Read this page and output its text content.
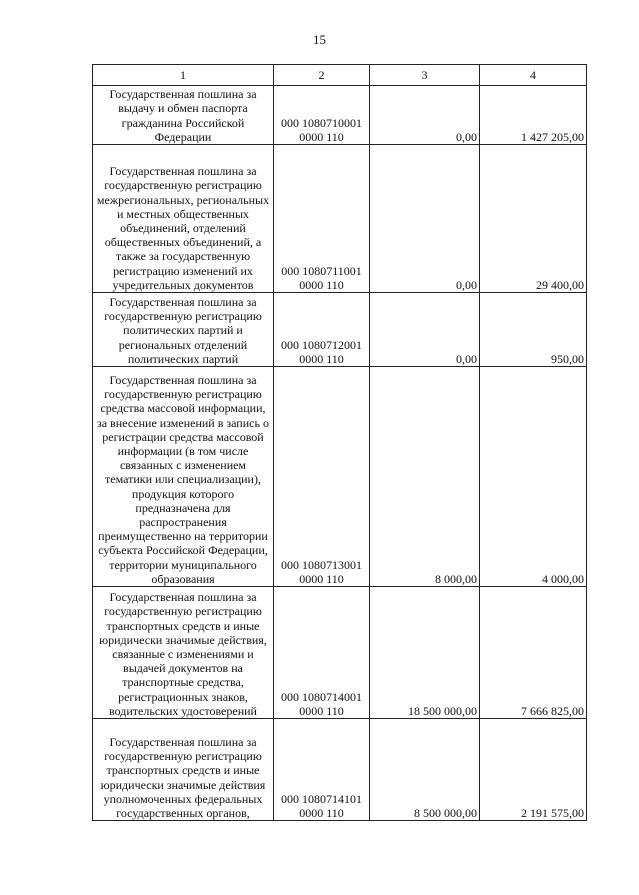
15
1	2	3	4
Государственная пошлина за выдачу и обмен паспорта гражданина Российской Федерации	000 1080710001
0000 110	0,00	1 427 205,00
Государственная пошлина за государственную регистрацию межрегиональных, региональных и местных общественных объединений, отделений общественных объединений, а также за государственную регистрацию изменений их учредительных документов	000 1080711001
0000 110	0,00	29 400,00
Государственная пошлина за государственную регистрацию политических партий и региональных отделений политических партий	000 1080712001
0000 110	0,00	950,00
Государственная пошлина за государственную регистрацию средства массовой информации, за внесение изменений в запись о регистрации средства массовой информации (в том числе связанных с изменением тематики или специализации), продукция которого предназначена для распространения преимущественно на территории субъекта Российской Федерации, территории муниципального образования	000 1080713001
0000 110	8 000,00	4 000,00
Государственная пошлина за государственную регистрацию транспортных средств и иные юридически значимые действия, связанные с изменениями и выдачей документов на транспортные средства, регистрационных знаков, водительских удостоверений	000 1080714001
0000 110	18 500 000,00	7 666 825,00
Государственная пошлина за государственную регистрацию транспортных средств и иные юридически значимые действия уполномоченных федеральных государственных органов,	000 1080714101
0000 110	8 500 000,00	2 191 575,00
